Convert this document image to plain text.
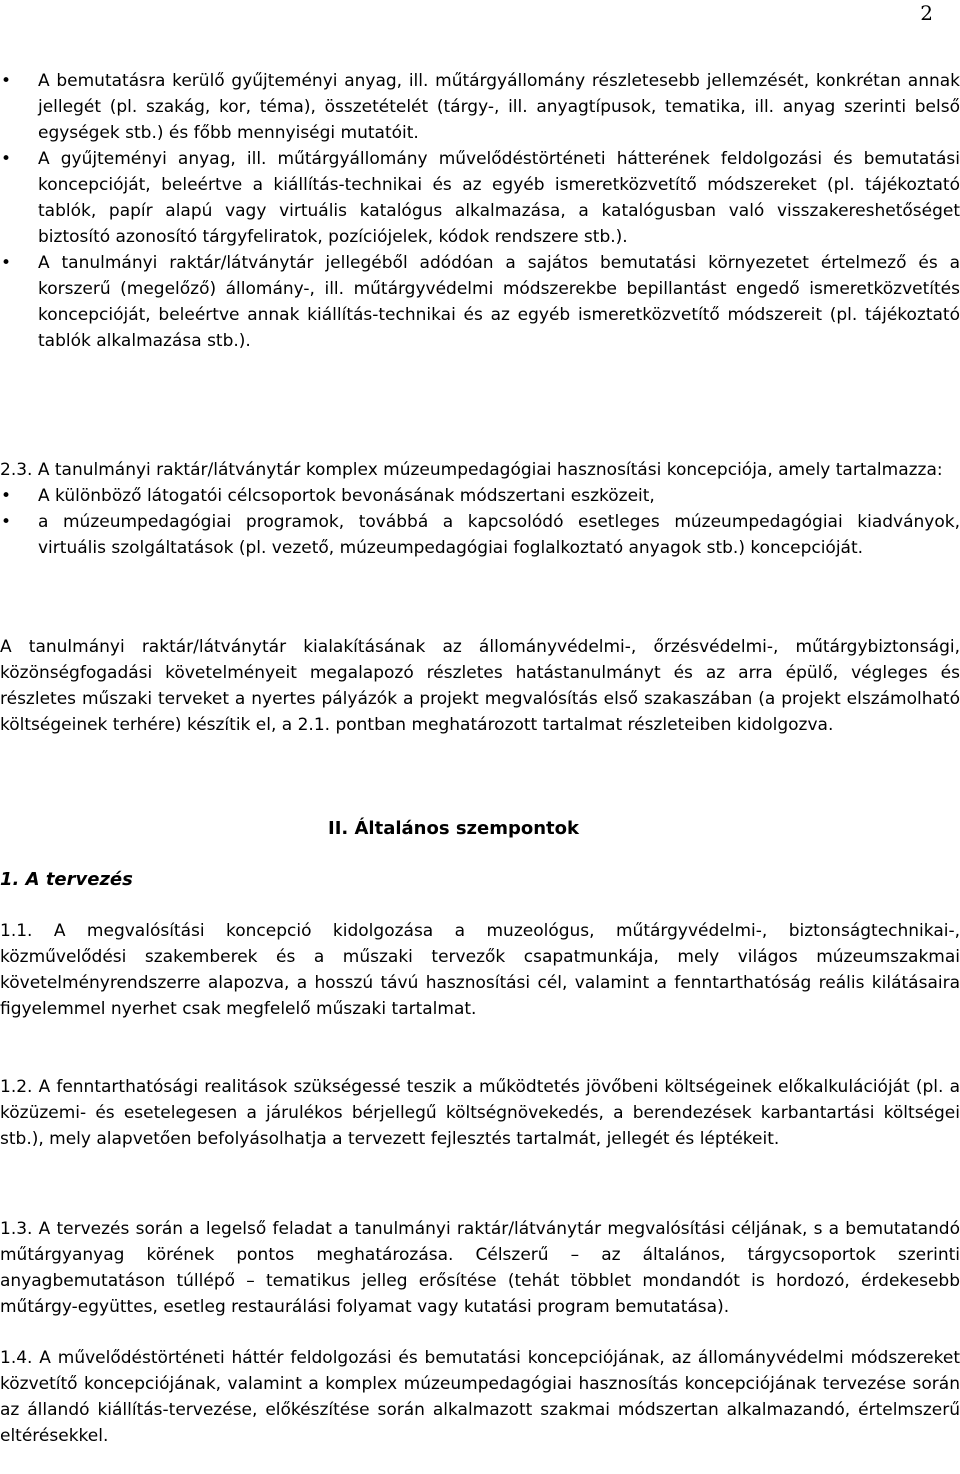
2
• A bemutatásra kerülő gyűjteményi anyag, ill. műtárgyállomány részletesebb jellemzését, konkrétan annak jellegét (pl. szakág, kor, téma), összetételét (tárgy-, ill. anyagtípusok, tematika, ill. anyag szerinti belső egységek stb.) és főbb mennyiségi mutatóit.
• A gyűjteményi anyag, ill. műtárgyállomány művelődéstörténeti hátterének feldolgozási és bemutatási koncepcióját, beleértve a kiállítás-technikai és az egyéb ismeretközvetítő módszereket (pl. tájékoztató tablók, papír alapú vagy virtuális katalógus alkalmazása, a katalógusban való visszakereshetőséget biztosító azonosító tárgyfeliratok, pozíciójelek, kódok rendszere stb.).
• A tanulmányi raktár/látványtár jellegéből adódóan a sajátos bemutatási környezetet értelmező és a korszerű (megelőző) állomány-, ill. műtárgyvédelmi módszerekbe bepillantást engedő ismeretközvetítés koncepcióját, beleértve annak kiállítás-technikai és az egyéb ismeretközvetítő módszereit (pl. tájékoztató tablók alkalmazása stb.).

2.3. A tanulmányi raktár/látványtár komplex múzeumpedagógiai hasznosítási koncepciója, amely tartalmazza:

• A különböző látogatói célcsoportok bevonásának módszertani eszközeit,
• a múzeumpedagógiai programok, továbbá a kapcsolódó esetleges múzeumpedagógiai kiadványok, virtuális szolgáltatások (pl. vezető, múzeumpedagógiai foglalkoztató anyagok stb.) koncepcióját.

A tanulmányi raktár/látványtár kialakításának az állományvédelmi-, őrzésvédelmi-, műtárgybiztonsági, közönségfogadási követelményeit megalapozó részletes hatástanulmányt és az arra épülő, végleges és részletes műszaki terveket a nyertes pályázók a projekt megvalósítás első szakaszában (a projekt elszámolható költségeinek terhére) készítik el, a 2.1. pontban meghatározott tartalmat részleteiben kidolgozva.

II. Általános szempontok
1. A tervezés

1.1. A megvalósítási koncepció kidolgozása a muzeológus, műtárgyvédelmi-, biztonságtechnikai-, közművelődési szakemberek és a műszaki tervezők csapatmunkája, mely világos múzeumszakmai követelményrendszerre alapozva, a hosszú távú hasznosítási cél, valamint a fenntarthatóság reális kilátásaira figyelemmel nyerhet csak megfelelő műszaki tartalmat.

1.2. A fenntarthatósági realitások szükségessé teszik a működtetés jövőbeni költségeinek előkalkulációját (pl. a közüzemi- és esetelegesen a járulékos bérjellegű költségnövekedés, a berendezések karbantartási költségei stb.), mely alapvetően befolyásolhatja a tervezett fejlesztés tartalmát, jellegét és léptékeit.

1.3. A tervezés során a legelső feladat a tanulmányi raktár/látványtár megvalósítási céljának, s a bemutatandó műtárgyanyag körének pontos meghatározása. Célszerű – az általános, tárgycsoportok szerinti anyagbemutatáson túllépő – tematikus jelleg erősítése (tehát többlet mondandót is hordozó, érdekesebb műtárgy-együttes, esetleg restaurálási folyamat vagy kutatási program bemutatása).

1.4. A művelődéstörténeti háttér feldolgozási és bemutatási koncepciójának, az állományvédelmi módszereket közvetítő koncepciójának, valamint a komplex múzeumpedagógiai hasznosítás koncepciójának tervezése során az állandó kiállítás-tervezése, előkészítése során alkalmazott szakmai módszertan alkalmazandó, értelmszerű eltérésekkel.
